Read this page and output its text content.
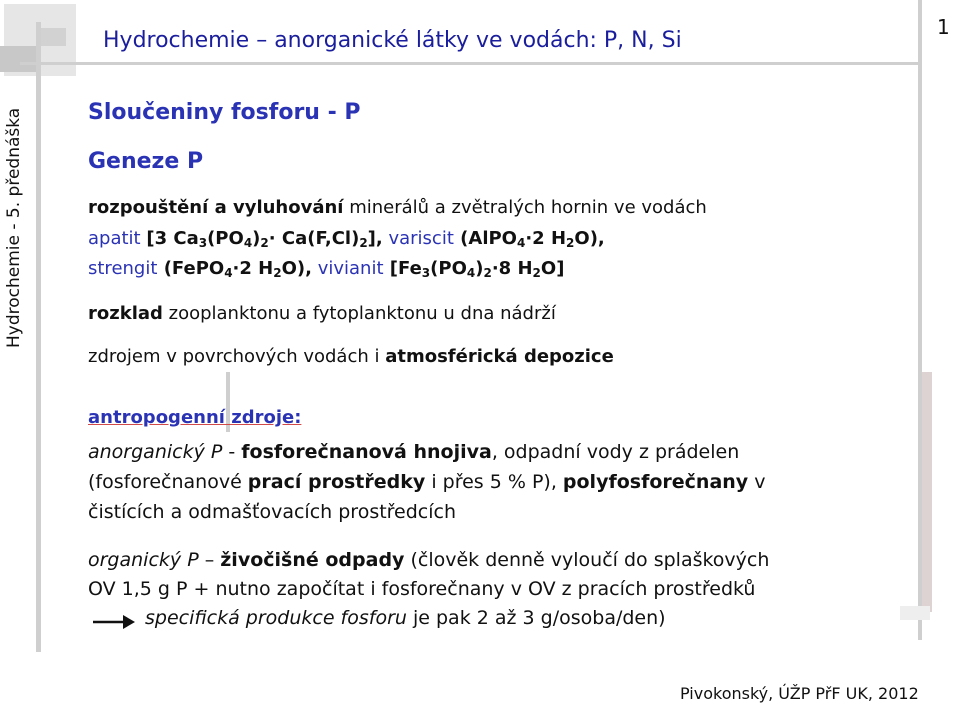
Hydrochemie – anorganické látky ve vodách: P, N, Si
1
Hydrochemie - 5. přednáška	Sloučeniny fosforu - P
Geneze P
rozpouštění a vyluhování minerálů a zvětralých hornin ve vodách
apatit [3 $Ca_3(PO_4)_2\cdot Ca(F,Cl)_2$], variscit (AlPO$_4$·2 $H_2O$),
strengit (FePO$_4$·2 $H_2O$), vivianit [$Fe_3(PO_4)_2\cdot 8$ $H_2O$]
rozklad zooplanktonu a fytoplanktonu u dna nádrží
zdrojem v povrchových vodách i atmosférická depozice
antropogenní zdroje:
anorganický P - fosforečnanová hnojiva, odpadní vody z prádelen
(fosforečnanové prací prostředky i přes 5 % P), polyfosforečnany v
čistících a odmašťovacích prostředcích
organický P – živočišné odpady (člověk denně vyloučí do splaškových
OV 1,5 g P + nutno započítat i fosforečnany v OV z pracích prostředků
specifická produkce fosforu je pak 2 až 3 g/osoba/den)
Pivokonský, ÚŽP PřF UK, 2012
